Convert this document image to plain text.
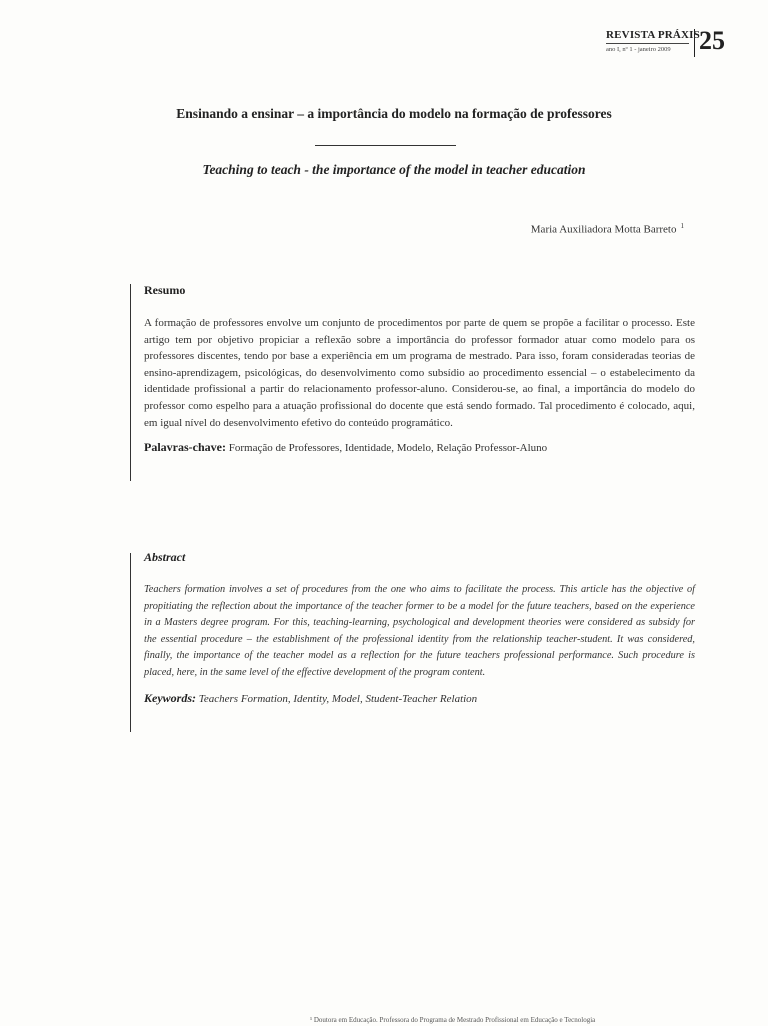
REVISTA PRÁXIS
ano I, nº 1 - janeiro 2009 25
Ensinando a ensinar – a importância do modelo na formação de professores
Teaching to teach - the importance of the model in teacher education
Maria Auxiliadora Motta Barreto $^1$

Resumo

A formação de professores envolve um conjunto de procedimentos por parte de quem se propõe a facilitar o processo. Este artigo tem por objetivo propiciar a reflexão sobre a importância do professor formador atuar como modelo para os professores discentes, tendo por base a experiência em um programa de mestrado. Para isso, foram consideradas teorias de ensino-aprendizagem, psicológicas, do desenvolvimento como subsídio ao procedimento essencial – o estabelecimento da identidade profissional a partir do relacionamento professor-aluno. Considerou-se, ao final, a importância do modelo do professor como espelho para a atuação profissional do docente que está sendo formado. Tal procedimento é colocado, aqui, em igual nível do desenvolvimento efetivo do conteúdo programático.

Palavras-chave: Formação de Professores, Identidade, Modelo, Relação Professor-Aluno

Abstract

Teachers formation involves a set of procedures from the one who aims to facilitate the process. This article has the objective of propitiating the reflection about the importance of the teacher former to be a model for the future teachers, based on the experience in a Masters degree program. For this, teaching-learning, psychological and development theories were considered as subsidy for the essential procedure – the establishment of the professional identity from the relationship teacher-student. It was considered, finally, the importance of the teacher model as a reflection for the future teachers professional performance. Such procedure is placed, here, in the same level of the effective development of the program content.

Keywords: Teachers Formation, Identity, Model, Student-Teacher Relation
¹ Doutora em Educação. Professora do Programa de Mestrado Profissional em Educação e Tecnologia
